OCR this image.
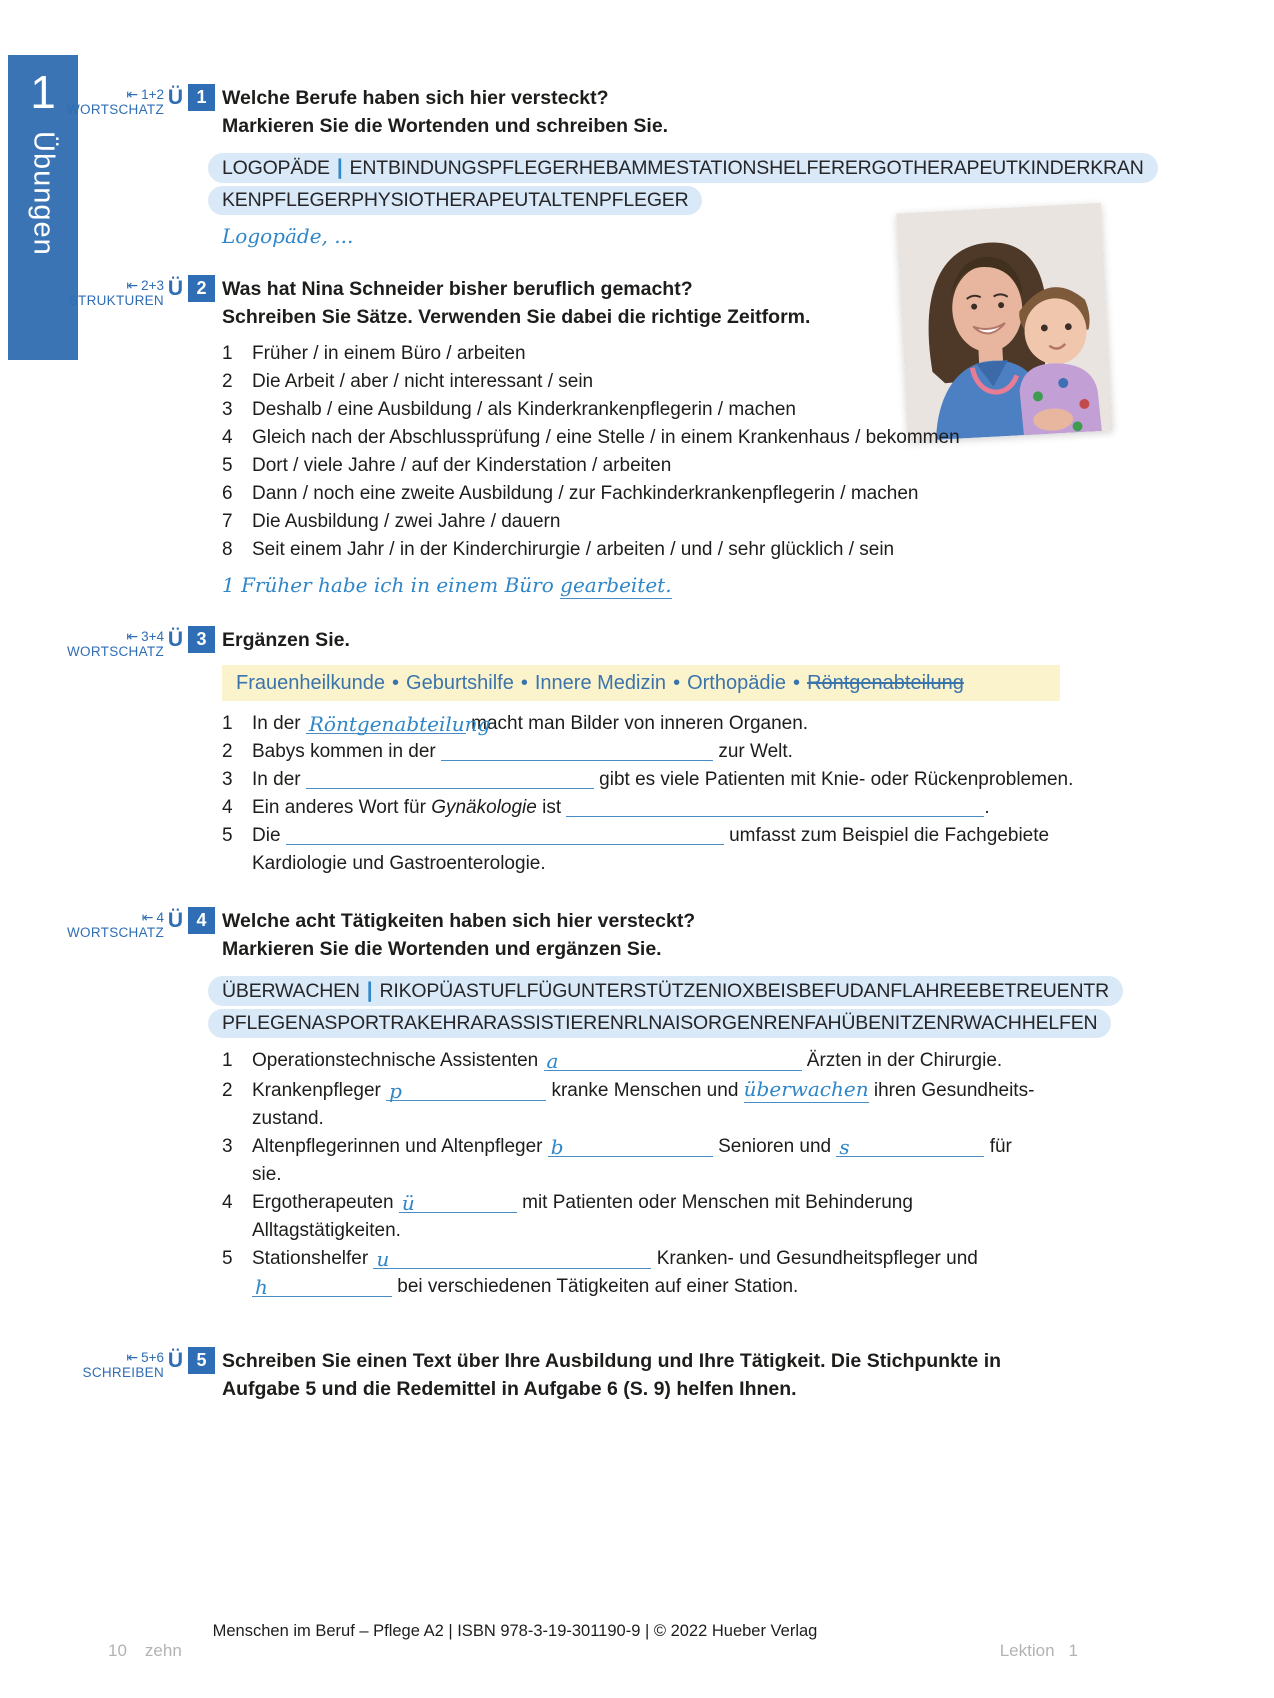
1
Übungen
⇤ 1+2
WORTSCHATZ
Ü 1 Welche Berufe haben sich hier versteckt?
Markieren Sie die Wortenden und schreiben Sie.
LOGOPÄDE | ENTBINDUNGSPFLEGERHEBAMMESTATIONSHELFERERGOTHERAPEUTKINDERKRAN
KENPFLEGERPHYSIOTHERAPEUTALTENPFLEGER
Logopäde, ...
⇤ 2+3
STRUKTUREN
Ü 2 Was hat Nina Schneider bisher beruflich gemacht?
Schreiben Sie Sätze. Verwenden Sie dabei die richtige Zeitform.
1 Früher / in einem Büro / arbeiten
2 Die Arbeit / aber / nicht interessant / sein
3 Deshalb / eine Ausbildung / als Kinderkrankenpflegerin / machen
4 Gleich nach der Abschlussprüfung / eine Stelle / in einem Krankenhaus / bekommen
5 Dort / viele Jahre / auf der Kinderstation / arbeiten
6 Dann / noch eine zweite Ausbildung / zur Fachkinderkrankenpflegerin / machen
7 Die Ausbildung / zwei Jahre / dauern
8 Seit einem Jahr / in der Kinderchirurgie / arbeiten / und / sehr glücklich / sein
1 Früher habe ich in einem Büro gearbeitet.
⇤ 3+4
WORTSCHATZ
Ü 3 Ergänzen Sie.
Frauenheilkunde • Geburtshilfe • Innere Medizin • Orthopädie • Röntgenabteilung
1 In der Röntgenabteilung macht man Bilder von inneren Organen.
2 Babys kommen in der	zur Welt.
3 In der	gibt es viele Patienten mit Knie- oder Rückenproblemen.
4 Ein anderes Wort für Gynäkologie ist	.
5 Die	umfasst zum Beispiel die Fachgebiete
Kardiologie und Gastroenterologie.
⇤ 4
WORTSCHATZ
Ü 4 Welche acht Tätigkeiten haben sich hier versteckt?
Markieren Sie die Wortenden und ergänzen Sie.
ÜBERWACHEN | RIKOPÜASTUFLFÜGUNTERSTÜTZENIOXBEISBEFUDANFLAHREEBETREUENTR
PFLEGENASPORTRAKEHRARASSISTIERENRLNAISORGENRENFAHÜBENITZENRWACHHELFEN
1 Operationstechnische Assistenten a	Ärzten in der Chirurgie.
2 Krankenpfleger p	kranke Menschen und überwachen ihren Gesundheits-
zustand.
3 Altenpflegerinnen und Altenpfleger b	Senioren und s	für
sie.
4 Ergotherapeuten ü	mit Patienten oder Menschen mit Behinderung
Alltagstätigkeiten.
5 Stationshelfer u	Kranken- und Gesundheitspfleger und
h	bei verschiedenen Tätigkeiten auf einer Station.
⇤ 5+6
SCHREIBEN
Ü 5 Schreiben Sie einen Text über Ihre Ausbildung und Ihre Tätigkeit. Die Stichpunkte in Aufgabe 5 und die Redemittel in Aufgabe 6 (S. 9) helfen Ihnen.
Menschen im Beruf – Pflege A2 | ISBN 978-3-19-301190-9 | © 2022 Hueber Verlag
10 zehn	Lektion 1
